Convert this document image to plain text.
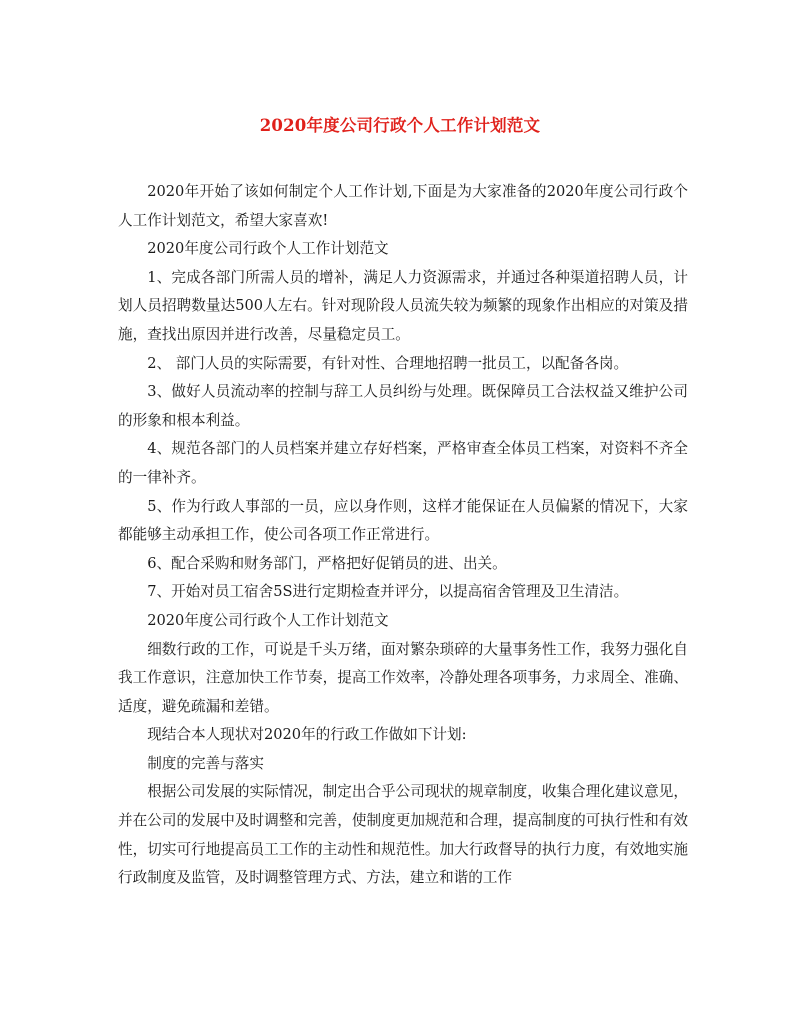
2020年度公司行政个人工作计划范文

2020年开始了该如何制定个人工作计划,下面是为大家准备的2020年度公司行政个人工作计划范文，希望大家喜欢!

2020年度公司行政个人工作计划范文

1、完成各部门所需人员的增补，满足人力资源需求，并通过各种渠道招聘人员，计划人员招聘数量达500人左右。针对现阶段人员流失较为频繁的现象作出相应的对策及措施，查找出原因并进行改善，尽量稳定员工。

2、 部门人员的实际需要，有针对性、合理地招聘一批员工，以配备各岗。

3、做好人员流动率的控制与辞工人员纠纷与处理。既保障员工合法权益又维护公司的形象和根本利益。

4、规范各部门的人员档案并建立存好档案，严格审查全体员工档案，对资料不齐全的一律补齐。

5、作为行政人事部的一员，应以身作则，这样才能保证在人员偏紧的情况下，大家都能够主动承担工作，使公司各项工作正常进行。

6、配合采购和财务部门，严格把好促销员的进、出关。

7、开始对员工宿舍5S进行定期检查并评分，以提高宿舍管理及卫生清洁。

2020年度公司行政个人工作计划范文

细数行政的工作，可说是千头万绪，面对繁杂琐碎的大量事务性工作，我努力强化自我工作意识，注意加快工作节奏，提高工作效率，冷静处理各项事务，力求周全、准确、适度，避免疏漏和差错。

现结合本人现状对2020年的行政工作做如下计划:

制度的完善与落实

根据公司发展的实际情况，制定出合乎公司现状的规章制度，收集合理化建议意见，并在公司的发展中及时调整和完善，使制度更加规范和合理，提高制度的可执行性和有效性，切实可行地提高员工工作的主动性和规范性。加大行政督导的执行力度，有效地实施行政制度及监管，及时调整管理方式、方法，建立和谐的工作
